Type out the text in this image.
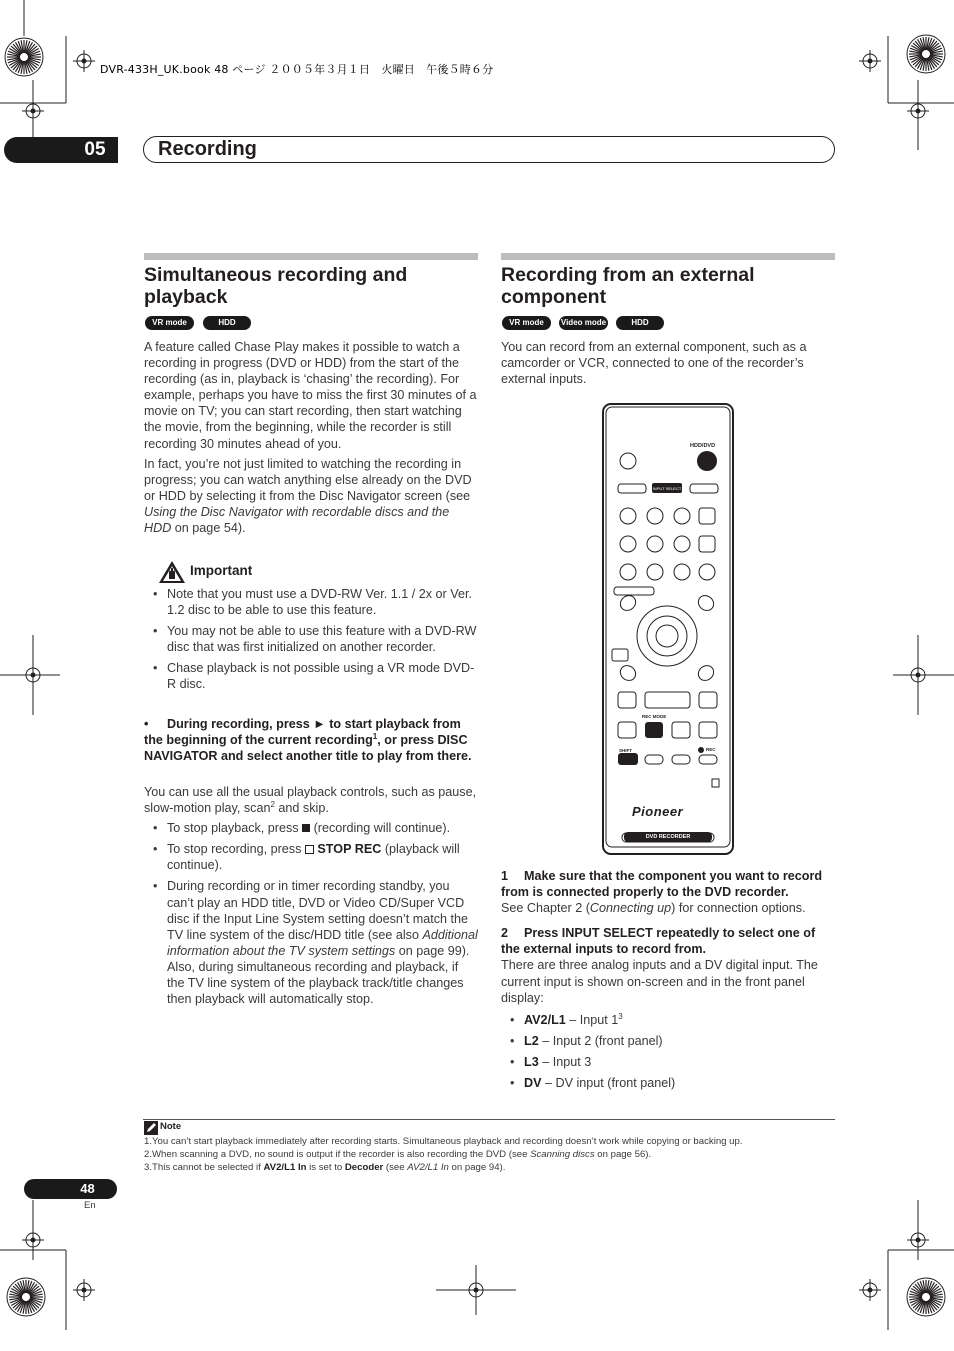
DVR-433H_UK.book 48 ページ ２００５年３月１日　火曜日　午後５時６分
05	Recording
Simultaneous recording and
playback
VR mode	HDD

A feature called Chase Play makes it possible to watch a recording in progress (DVD or HDD) from the start of the recording (as in, playback is ‘chasing’ the recording). For example, perhaps you have to miss the first 30 minutes of a movie on TV; you can start recording, then start watching the movie, from the beginning, while the recorder is still recording 30 minutes ahead of you.

In fact, you’re not just limited to watching the recording in progress; you can watch anything else already on the DVD or HDD by selecting it from the Disc Navigator screen (see Using the Disc Navigator with recordable discs and the HDD on page 54).

Important
• Note that you must use a DVD-RW Ver. 1.1 / 2x or Ver. 1.2 disc to be able to use this feature.
• You may not be able to use this feature with a DVD-RW disc that was first initialized on another recorder.
• Chase playback is not possible using a VR mode DVD-R disc.
• During recording, press ► to start playback from the beginning of the current recording$^1$, or press DISC NAVIGATOR and select another title to play from there.

You can use all the usual playback controls, such as pause, slow-motion play, scan$^2$ and skip.

• To stop playback, press  (recording will continue).
• To stop recording, press  STOP REC (playback will continue).
• During recording or in timer recording standby, you can’t play an HDD title, DVD or Video CD/Super VCD disc if the Input Line System setting doesn’t match the TV line system of the disc/HDD title (see also Additional information about the TV system settings on page 99). Also, during simultaneous recording and playback, if the TV line system of the playback track/title changes then playback will automatically stop.
Recording from an external
component
VR mode	Video mode	HDD
You can record from an external component, such as a camcorder or VCR, connected to one of the recorder’s external inputs.
HDD/DVD
INPUT SELECT
REC MODE
SHIFT	REC
Pioneer
DVD RECORDER
1 Make sure that the component you want to record from is connected properly to the DVD recorder.
See Chapter 2 (Connecting up) for connection options.
2 Press INPUT SELECT repeatedly to select one of the external inputs to record from.
There are three analog inputs and a DV digital input. The current input is shown on-screen and in the front panel display:
• AV2/L1 – Input $1^3$
• L2 – Input 2 (front panel)
• L3 – Input 3
• DV – DV input (front panel)
Note

1.You can’t start playback immediately after recording starts. Simultaneous playback and recording doesn’t work while copying or backing up.

2.When scanning a DVD, no sound is output if the recorder is also recording the DVD (see Scanning discs on page 56).

3.This cannot be selected if AV2/L1 In is set to Decoder (see AV2/L1 In on page 94).

48
En
